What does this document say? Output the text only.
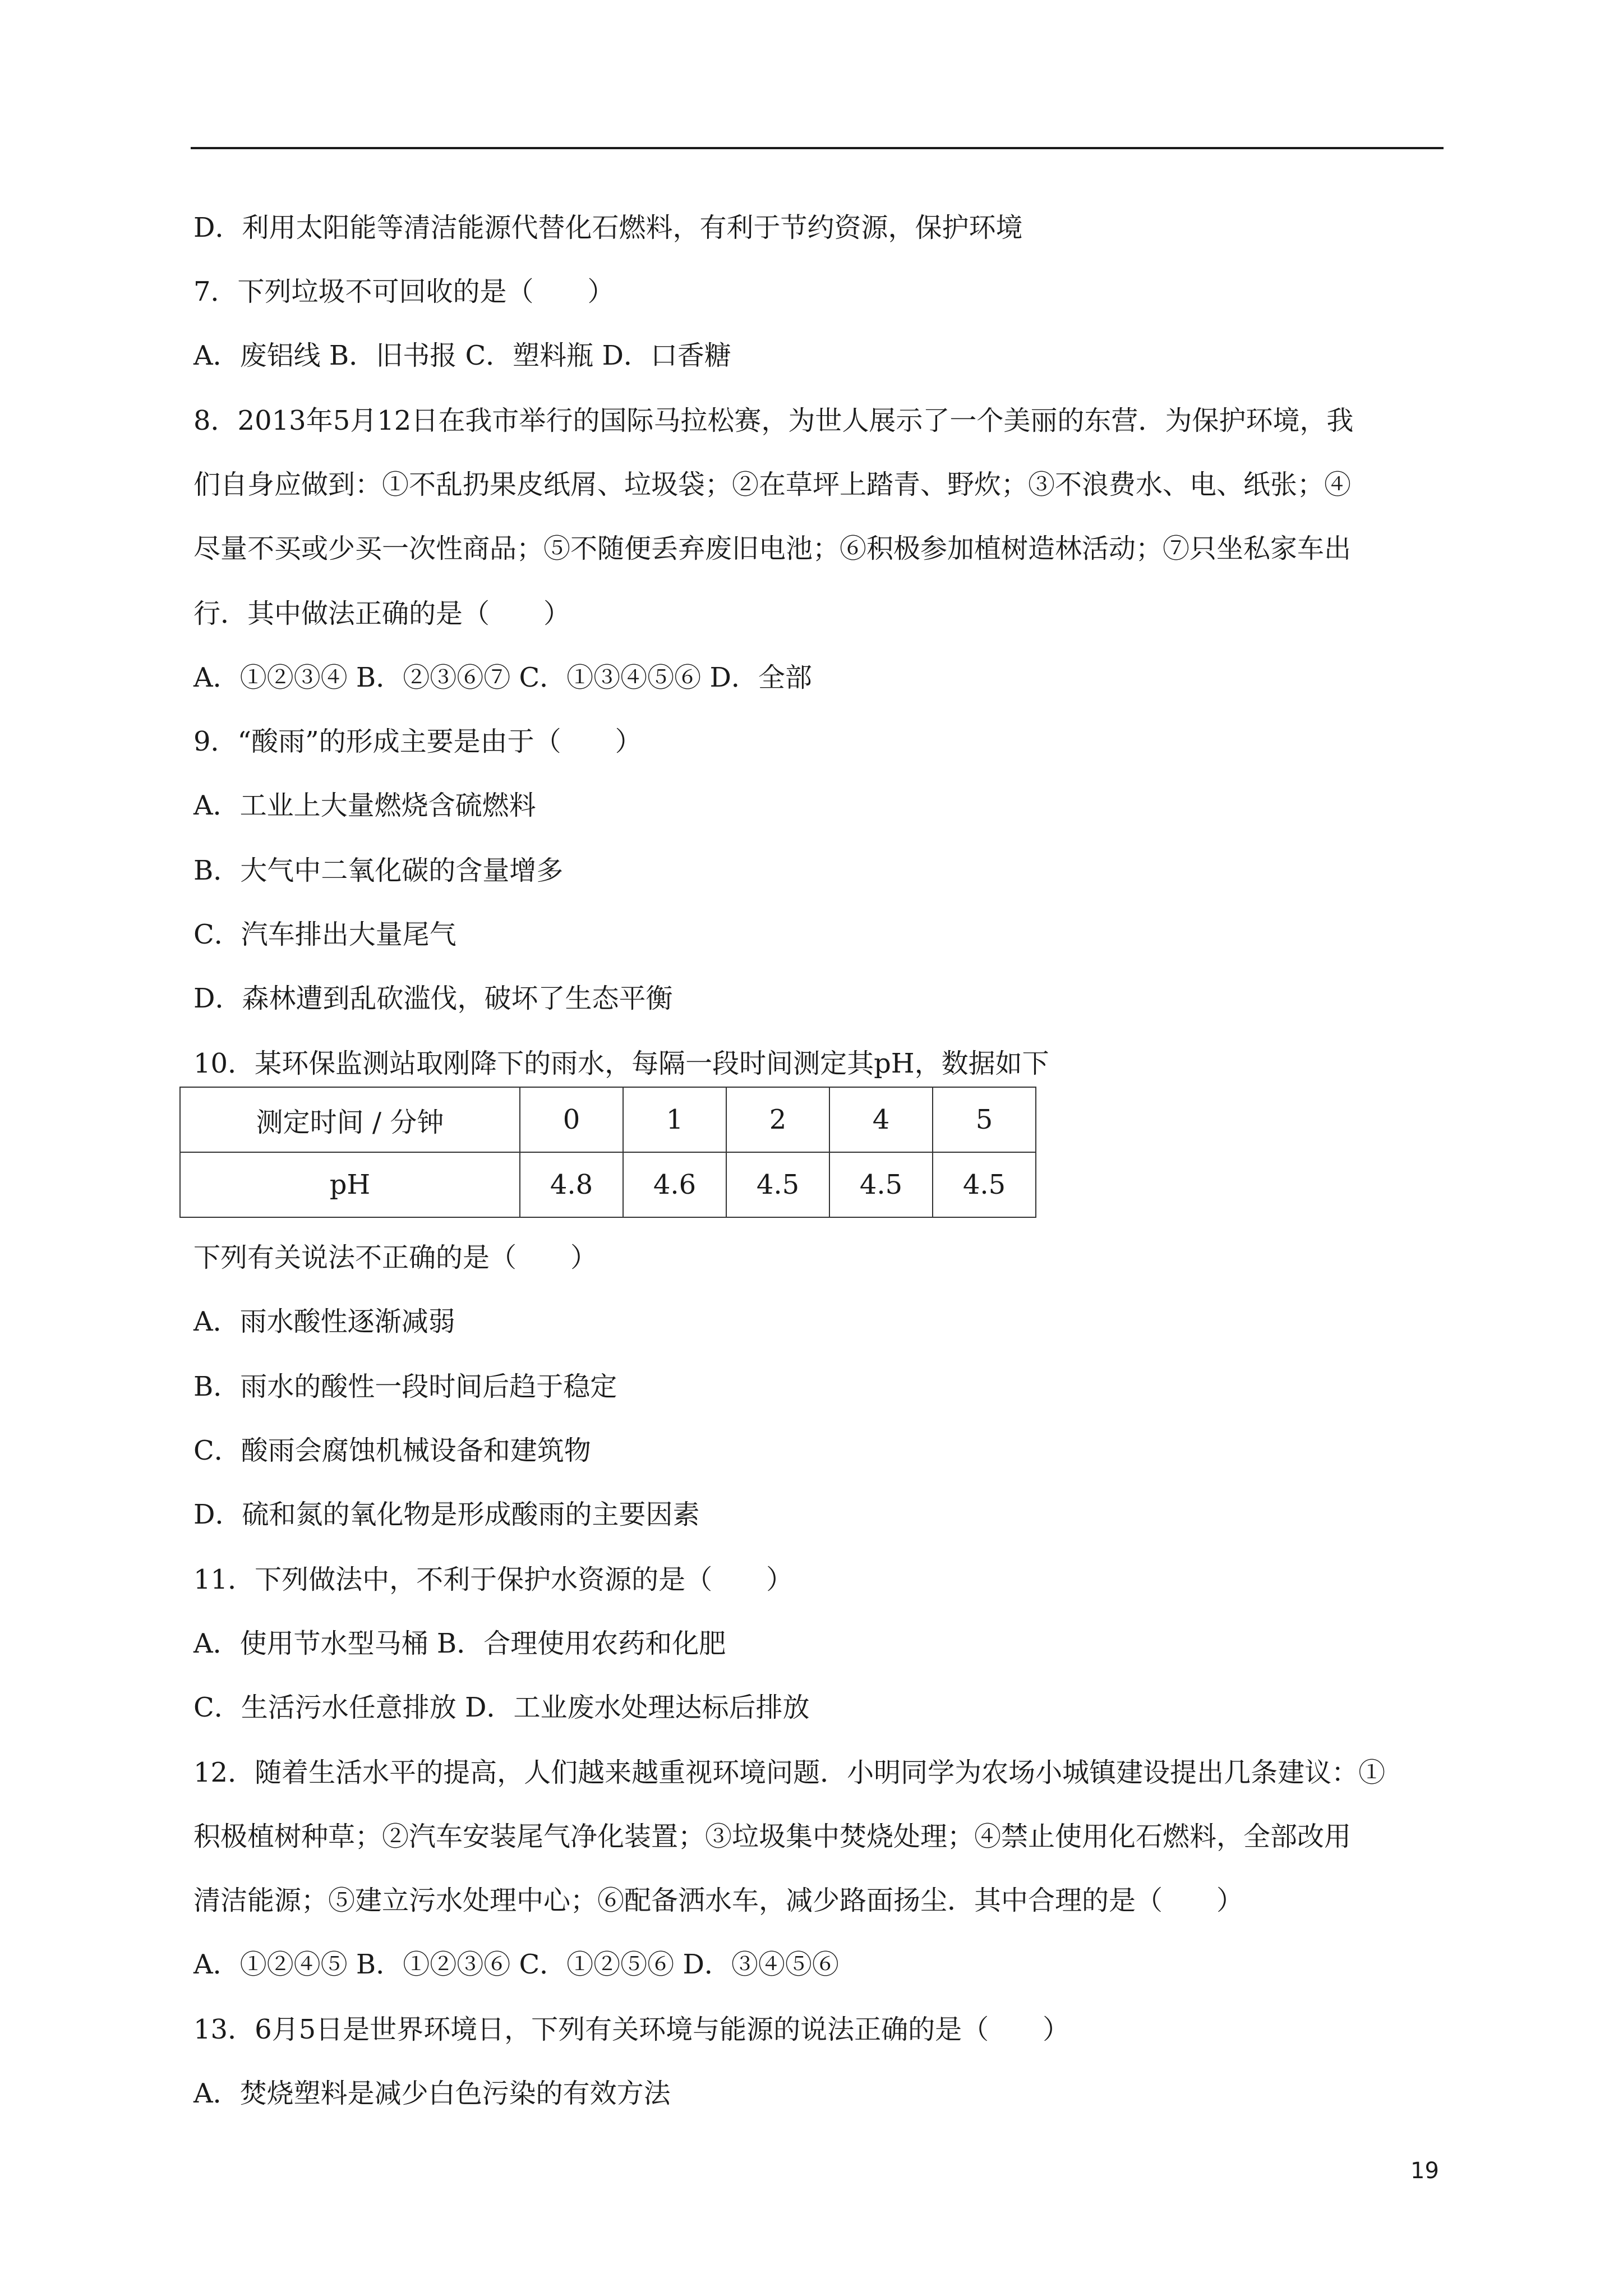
D．利用太阳能等清洁能源代替化石燃料，有利于节约资源，保护环境
7．下列垃圾不可回收的是（　　）
A．废铝线 B．旧书报 C．塑料瓶 D．口香糖
8．2013年5月12日在我市举行的国际马拉松赛，为世人展示了一个美丽的东营．为保护环境，我
们自身应做到：①不乱扔果皮纸屑、垃圾袋；②在草坪上踏青、野炊；③不浪费水、电、纸张；④
尽量不买或少买一次性商品；⑤不随便丢弃废旧电池；⑥积极参加植树造林活动；⑦只坐私家车出
行．其中做法正确的是（　　）
A．①②③④ B．②③⑥⑦ C．①③④⑤⑥ D．全部
9．“酸雨”的形成主要是由于（　　）
A．工业上大量燃烧含硫燃料
B．大气中二氧化碳的含量增多
C．汽车排出大量尾气
D．森林遭到乱砍滥伐，破坏了生态平衡
10．某环保监测站取刚降下的雨水，每隔一段时间测定其pH，数据如下
测定时间 / 分钟	0	1	2	4	5
pH	4.8	4.6	4.5	4.5	4.5
下列有关说法不正确的是（　　）
A．雨水酸性逐渐减弱
B．雨水的酸性一段时间后趋于稳定
C．酸雨会腐蚀机械设备和建筑物
D．硫和氮的氧化物是形成酸雨的主要因素
11．下列做法中，不利于保护水资源的是（　　）
A．使用节水型马桶 B．合理使用农药和化肥
C．生活污水任意排放 D．工业废水处理达标后排放
12．随着生活水平的提高，人们越来越重视环境问题．小明同学为农场小城镇建设提出几条建议：①
积极植树种草；②汽车安装尾气净化装置；③垃圾集中焚烧处理；④禁止使用化石燃料，全部改用
清洁能源；⑤建立污水处理中心；⑥配备洒水车，减少路面扬尘．其中合理的是（　　）
A．①②④⑤ B．①②③⑥ C．①②⑤⑥ D．③④⑤⑥
13．6月5日是世界环境日，下列有关环境与能源的说法正确的是（　　）
A．焚烧塑料是减少白色污染的有效方法
19
